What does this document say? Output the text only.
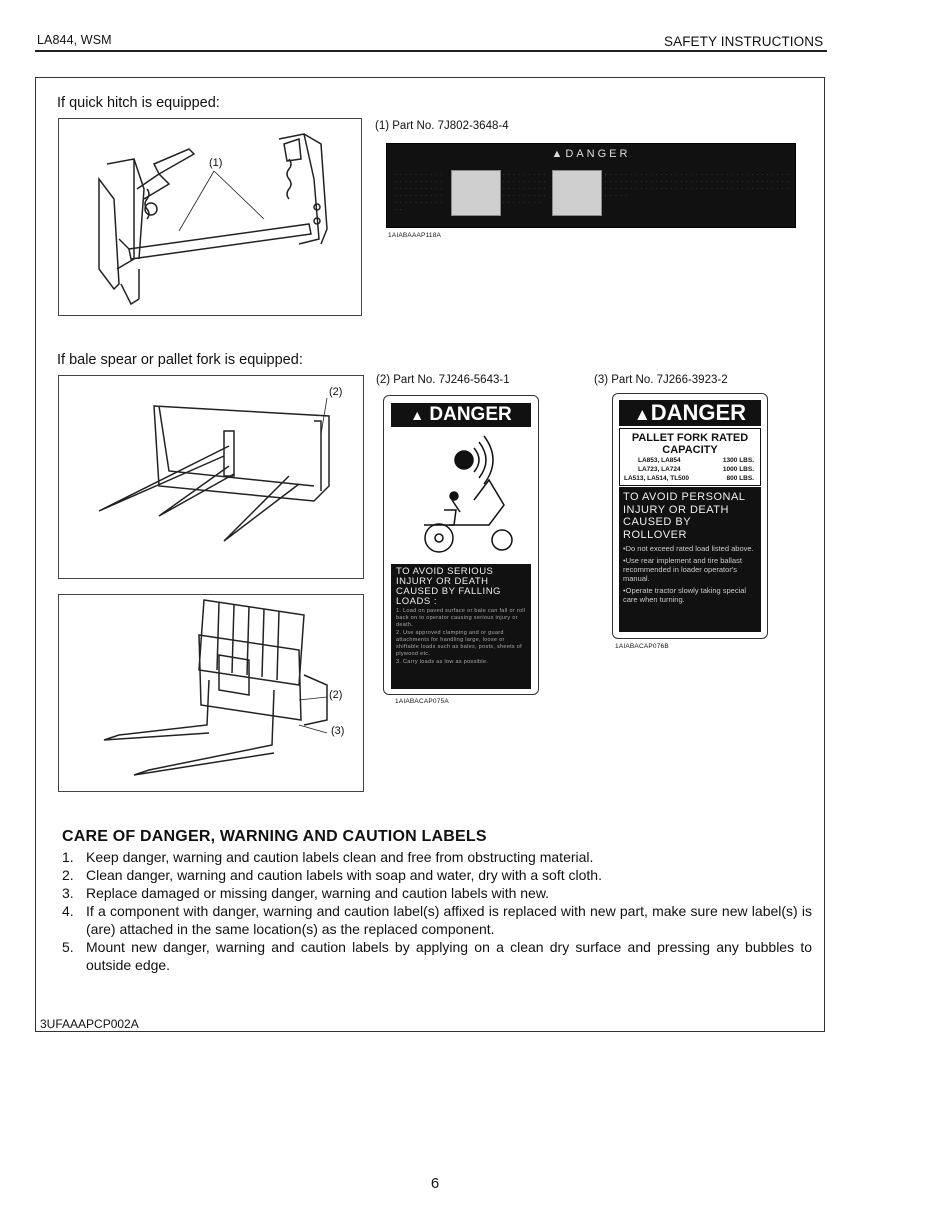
LA844, WSM	SAFETY INSTRUCTIONS
If quick hitch is equipped:
(1)
(1) Part No. 7J802-3648-4
▲DANGER
· · · · · · · · · · · · · · · · · · · · · · · · · · · · · · · · · · · · · · · · · · · · · · · · · · · ·
· · · · · · · · · · · · · · · · · · · · · · · · · · · · · · · · · · · · · · · · · · · ·
· · · · · · · · · · · · · · · · · · · · · · · · · · · · · · · · · · · · · · · · · · · · · · · · · · · · · · · · · · · · · · · · · · · · · · · · · · · · · · · · · · · · · · · · · · · · · · · · · · · · · · · · · · · · · · · · · · · ·
1AIABAAAP118A
If bale spear or pallet fork is equipped:
(2)
(2)
(3)
(2) Part No. 7J246-5643-1
▲ DANGER
TO AVOID SERIOUS INJURY OR DEATH CAUSED BY FALLING LOADS :
1. Load on paved surface or bale can fall or roll back on to operator causing serious injury or death.
2. Use approved clamping and or guard attachments for handling large, loose or shiftable loads such as bales, posts, sheets of plywood etc.
3. Carry loads as low as possible.
1AIABACAP075A
(3) Part No. 7J266-3923-2
▲DANGER
PALLET FORK RATED CAPACITY
LA853, LA854	1300 LBS.
LA723, LA724	1000 LBS.
LA513, LA514, TL500	800 LBS.
TO AVOID PERSONAL INJURY OR DEATH CAUSED BY ROLLOVER
•Do not exceed rated load listed above.
•Use rear implement and tire ballast recommended in loader operator's manual.
•Operate tractor slowly taking special care when turning.
1AIABACAP076B
CARE OF DANGER, WARNING AND CAUTION LABELS
1. Keep danger, warning and caution labels clean and free from obstructing material.
2. Clean danger, warning and caution labels with soap and water, dry with a soft cloth.
3. Replace damaged or missing danger, warning and caution labels with new.
4. If a component with danger, warning and caution label(s) affixed is replaced with new part, make sure new label(s) is (are) attached in the same location(s) as the replaced component.
5. Mount new danger, warning and caution labels by applying on a clean dry surface and pressing any bubbles to outside edge.
3UFAAAPCP002A
6
